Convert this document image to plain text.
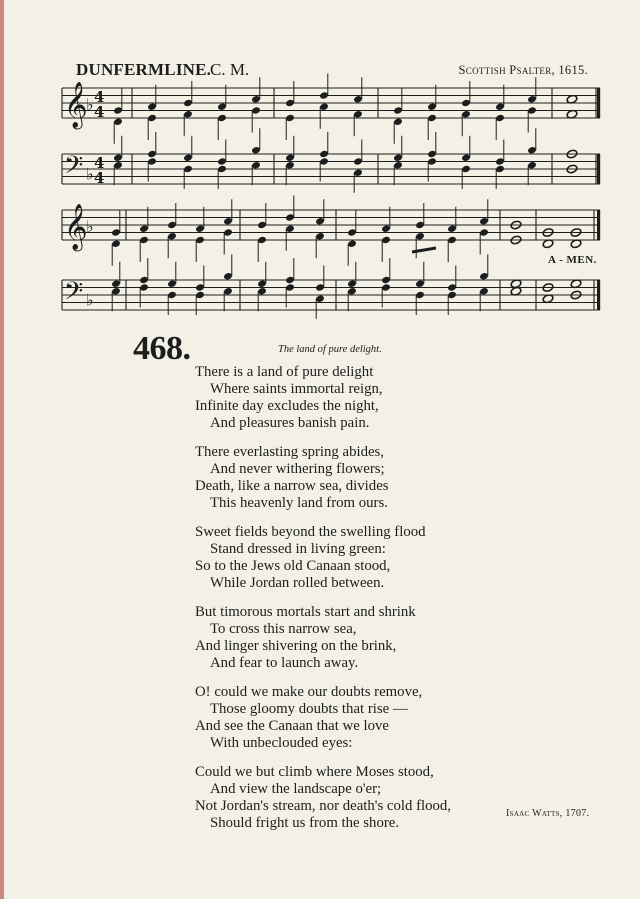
DUNFERMLINE.
C. M.	Scottish Psalter, 1615.
𝄞
♭ 4
4
𝄢 ♭
4
4
𝄞
♭
𝄢 ♭
A - MEN.
468.	The land of pure delight.
There is a land of pure delight
Where saints immortal reign,
Infinite day excludes the night,
And pleasures banish pain.
There everlasting spring abides,
And never withering flowers;
Death, like a narrow sea, divides
This heavenly land from ours.
Sweet fields beyond the swelling flood
Stand dressed in living green:
So to the Jews old Canaan stood,
While Jordan rolled between.
But timorous mortals start and shrink
To cross this narrow sea,
And linger shivering on the brink,
And fear to launch away.
O! could we make our doubts remove,
Those gloomy doubts that rise —
And see the Canaan that we love
With unbeclouded eyes:
Could we but climb where Moses stood,
And view the landscape o'er;
Not Jordan's stream, nor death's cold flood,
Should fright us from the shore.
Isaac Watts, 1707.
